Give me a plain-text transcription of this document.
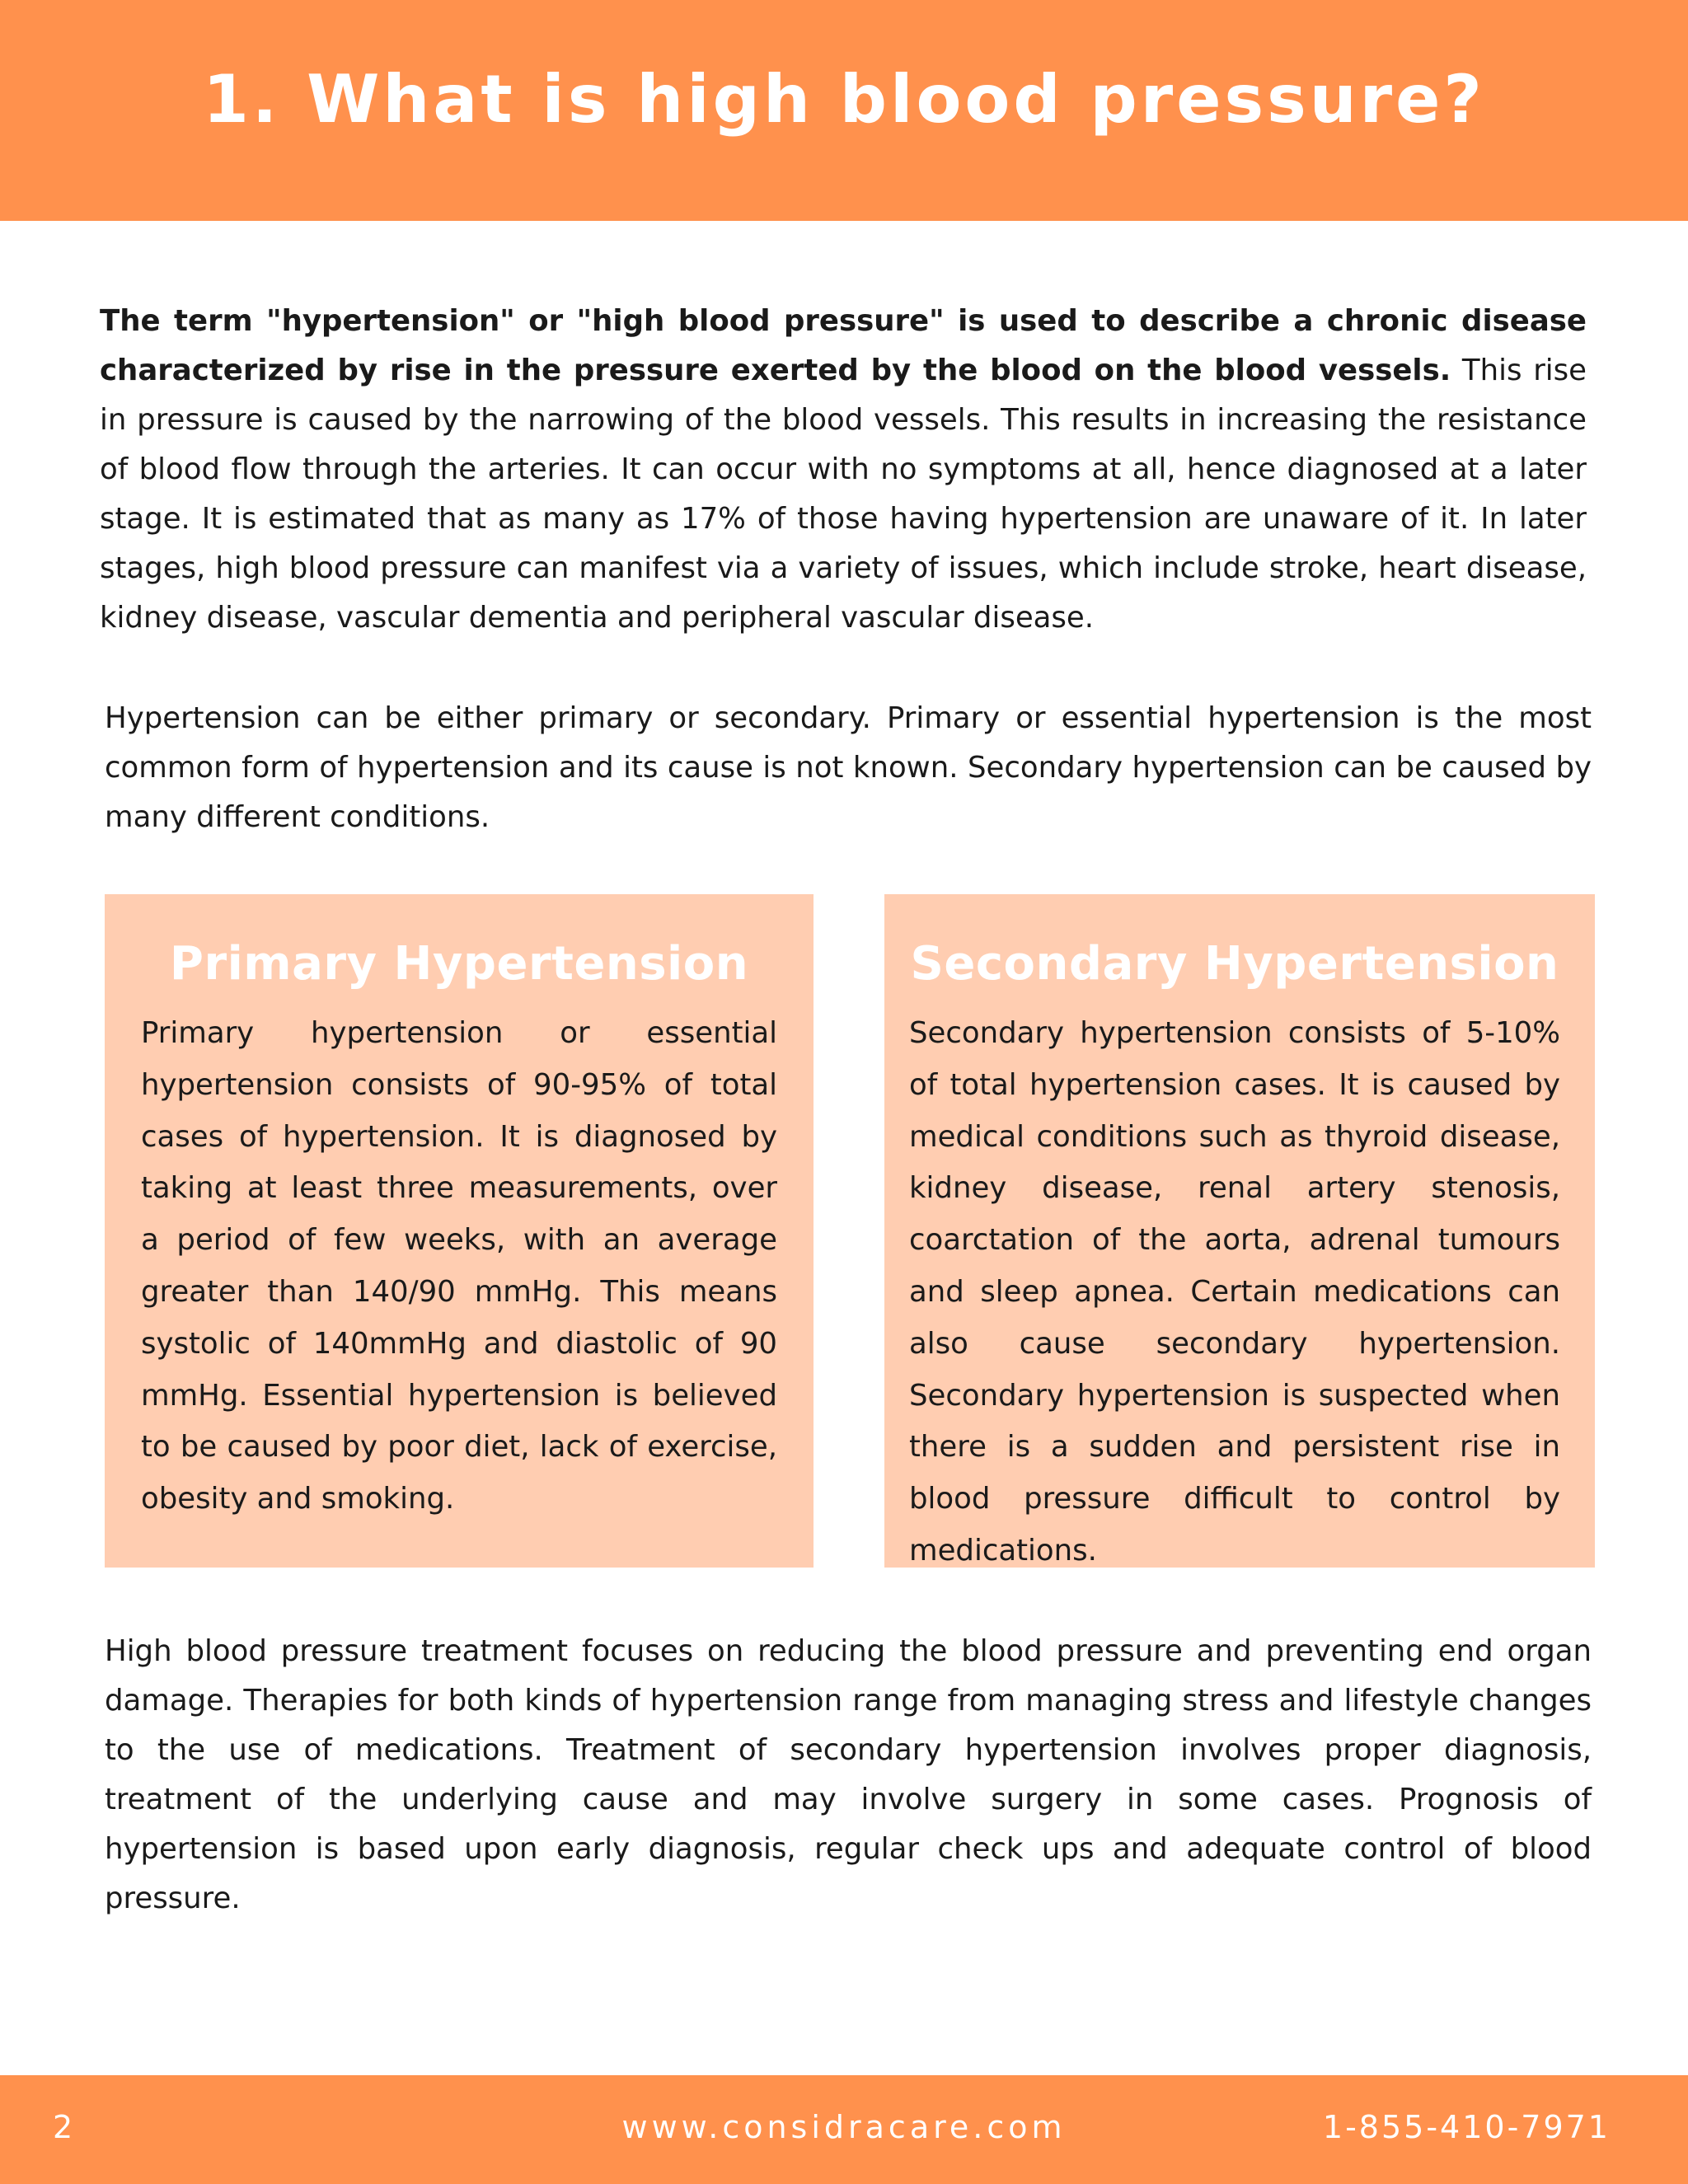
1. What is high blood pressure?

The term "hypertension" or "high blood pressure" is used to describe a chronic disease characterized by rise in the pressure exerted by the blood on the blood vessels. This rise in pressure is caused by the narrowing of the blood vessels. This results in increasing the resistance of blood flow through the arteries. It can occur with no symptoms at all, hence diagnosed at a later stage. It is estimated that as many as 17% of those having hypertension are unaware of it. In later stages, high blood pressure can manifest via a variety of issues, which include stroke, heart disease, kidney disease, vascular dementia and peripheral vascular disease.

Hypertension can be either primary or secondary. Primary or essential hypertension is the most common form of hypertension and its cause is not known. Secondary hypertension can be caused by many different conditions.

Primary Hypertension

Primary hypertension or essential hypertension consists of 90-95% of total cases of hypertension. It is diagnosed by taking at least three measurements, over a period of few weeks, with an average greater than 140/90 mmHg. This means systolic of 140mmHg and diastolic of 90 mmHg. Essential hypertension is believed to be caused by poor diet, lack of exercise, obesity and smoking.

Secondary Hypertension

Secondary hypertension consists of 5-10% of total hypertension cases. It is caused by medical conditions such as thyroid disease, kidney disease, renal artery stenosis, coarctation of the aorta, adrenal tumours and sleep apnea. Certain medications can also cause secondary hypertension. Secondary hypertension is suspected when there is a sudden and persistent rise in blood pressure difficult to control by medications.

High blood pressure treatment focuses on reducing the blood pressure and preventing end organ damage. Therapies for both kinds of hypertension range from managing stress and lifestyle changes to the use of medications. Treatment of secondary hypertension involves proper diagnosis, treatment of the underlying cause and may involve surgery in some cases. Prognosis of hypertension is based upon early diagnosis, regular check ups and adequate control of blood pressure.

2	www.considracare.com	1-855-410-7971
